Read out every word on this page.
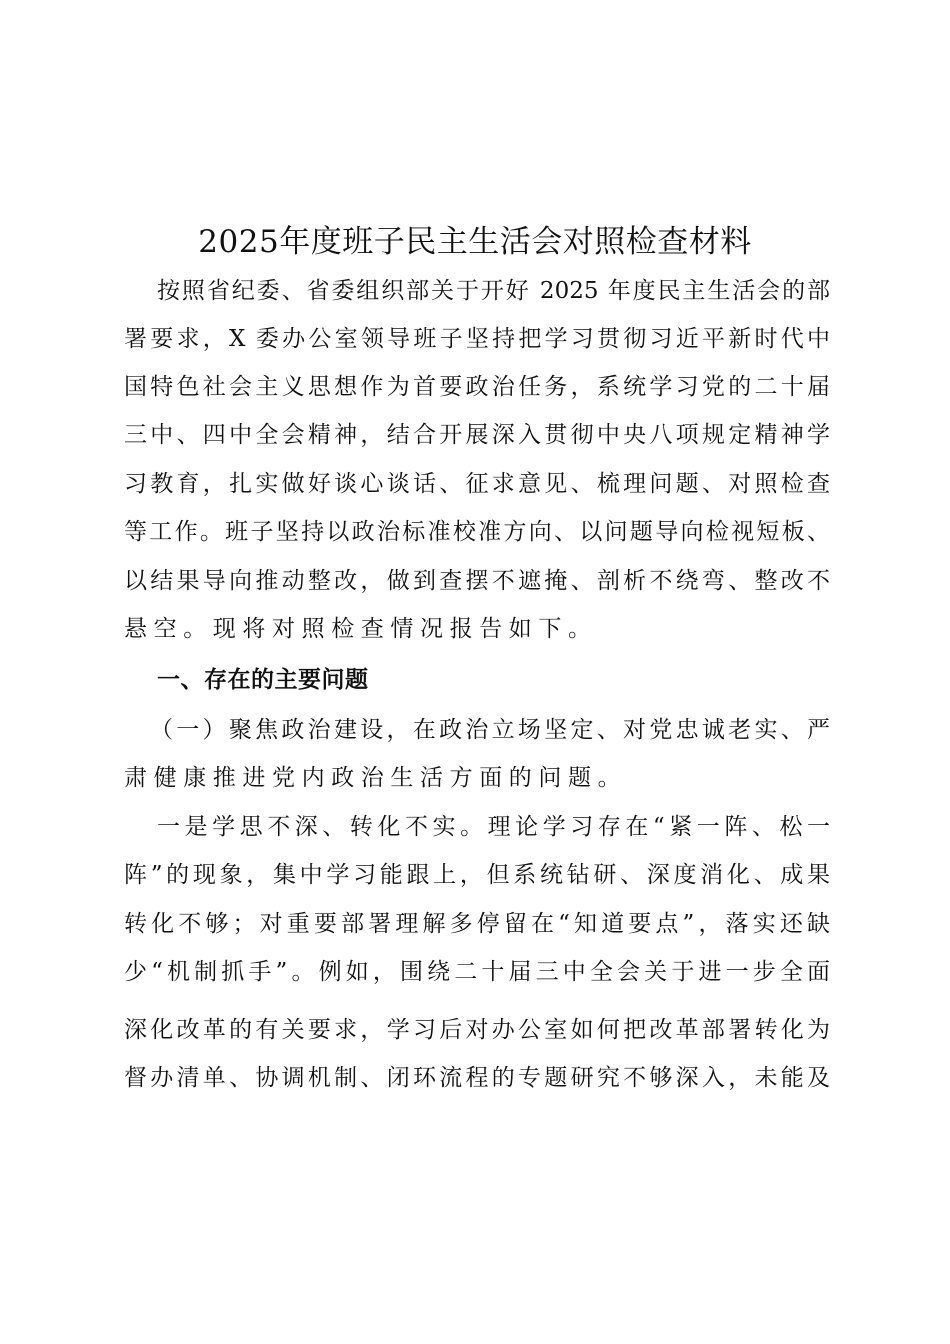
2025年度班子民主生活会对照检查材料
按照省纪委、省委组织部关于开好 2025 年度民主生活会的部
署要求，X 委办公室领导班子坚持把学习贯彻习近平新时代中
国特色社会主义思想作为首要政治任务，系统学习党的二十届
三中、四中全会精神，结合开展深入贯彻中央八项规定精神学
习教育，扎实做好谈心谈话、征求意见、梳理问题、对照检查
等工作。班子坚持以政治标准校准方向、以问题导向检视短板、
以结果导向推动整改，做到查摆不遮掩、剖析不绕弯、整改不
悬空。现将对照检查情况报告如下。
一、存在的主要问题
（一）聚焦政治建设，在政治立场坚定、对党忠诚老实、严
肃健康推进党内政治生活方面的问题。
一是学思不深、转化不实。理论学习存在“紧一阵、松一
阵”的现象，集中学习能跟上，但系统钻研、深度消化、成果
转化不够；对重要部署理解多停留在“知道要点”，落实还缺
少“机制抓手”。例如，围绕二十届三中全会关于进一步全面
深化改革的有关要求，学习后对办公室如何把改革部署转化为
督办清单、协调机制、闭环流程的专题研究不够深入，未能及
